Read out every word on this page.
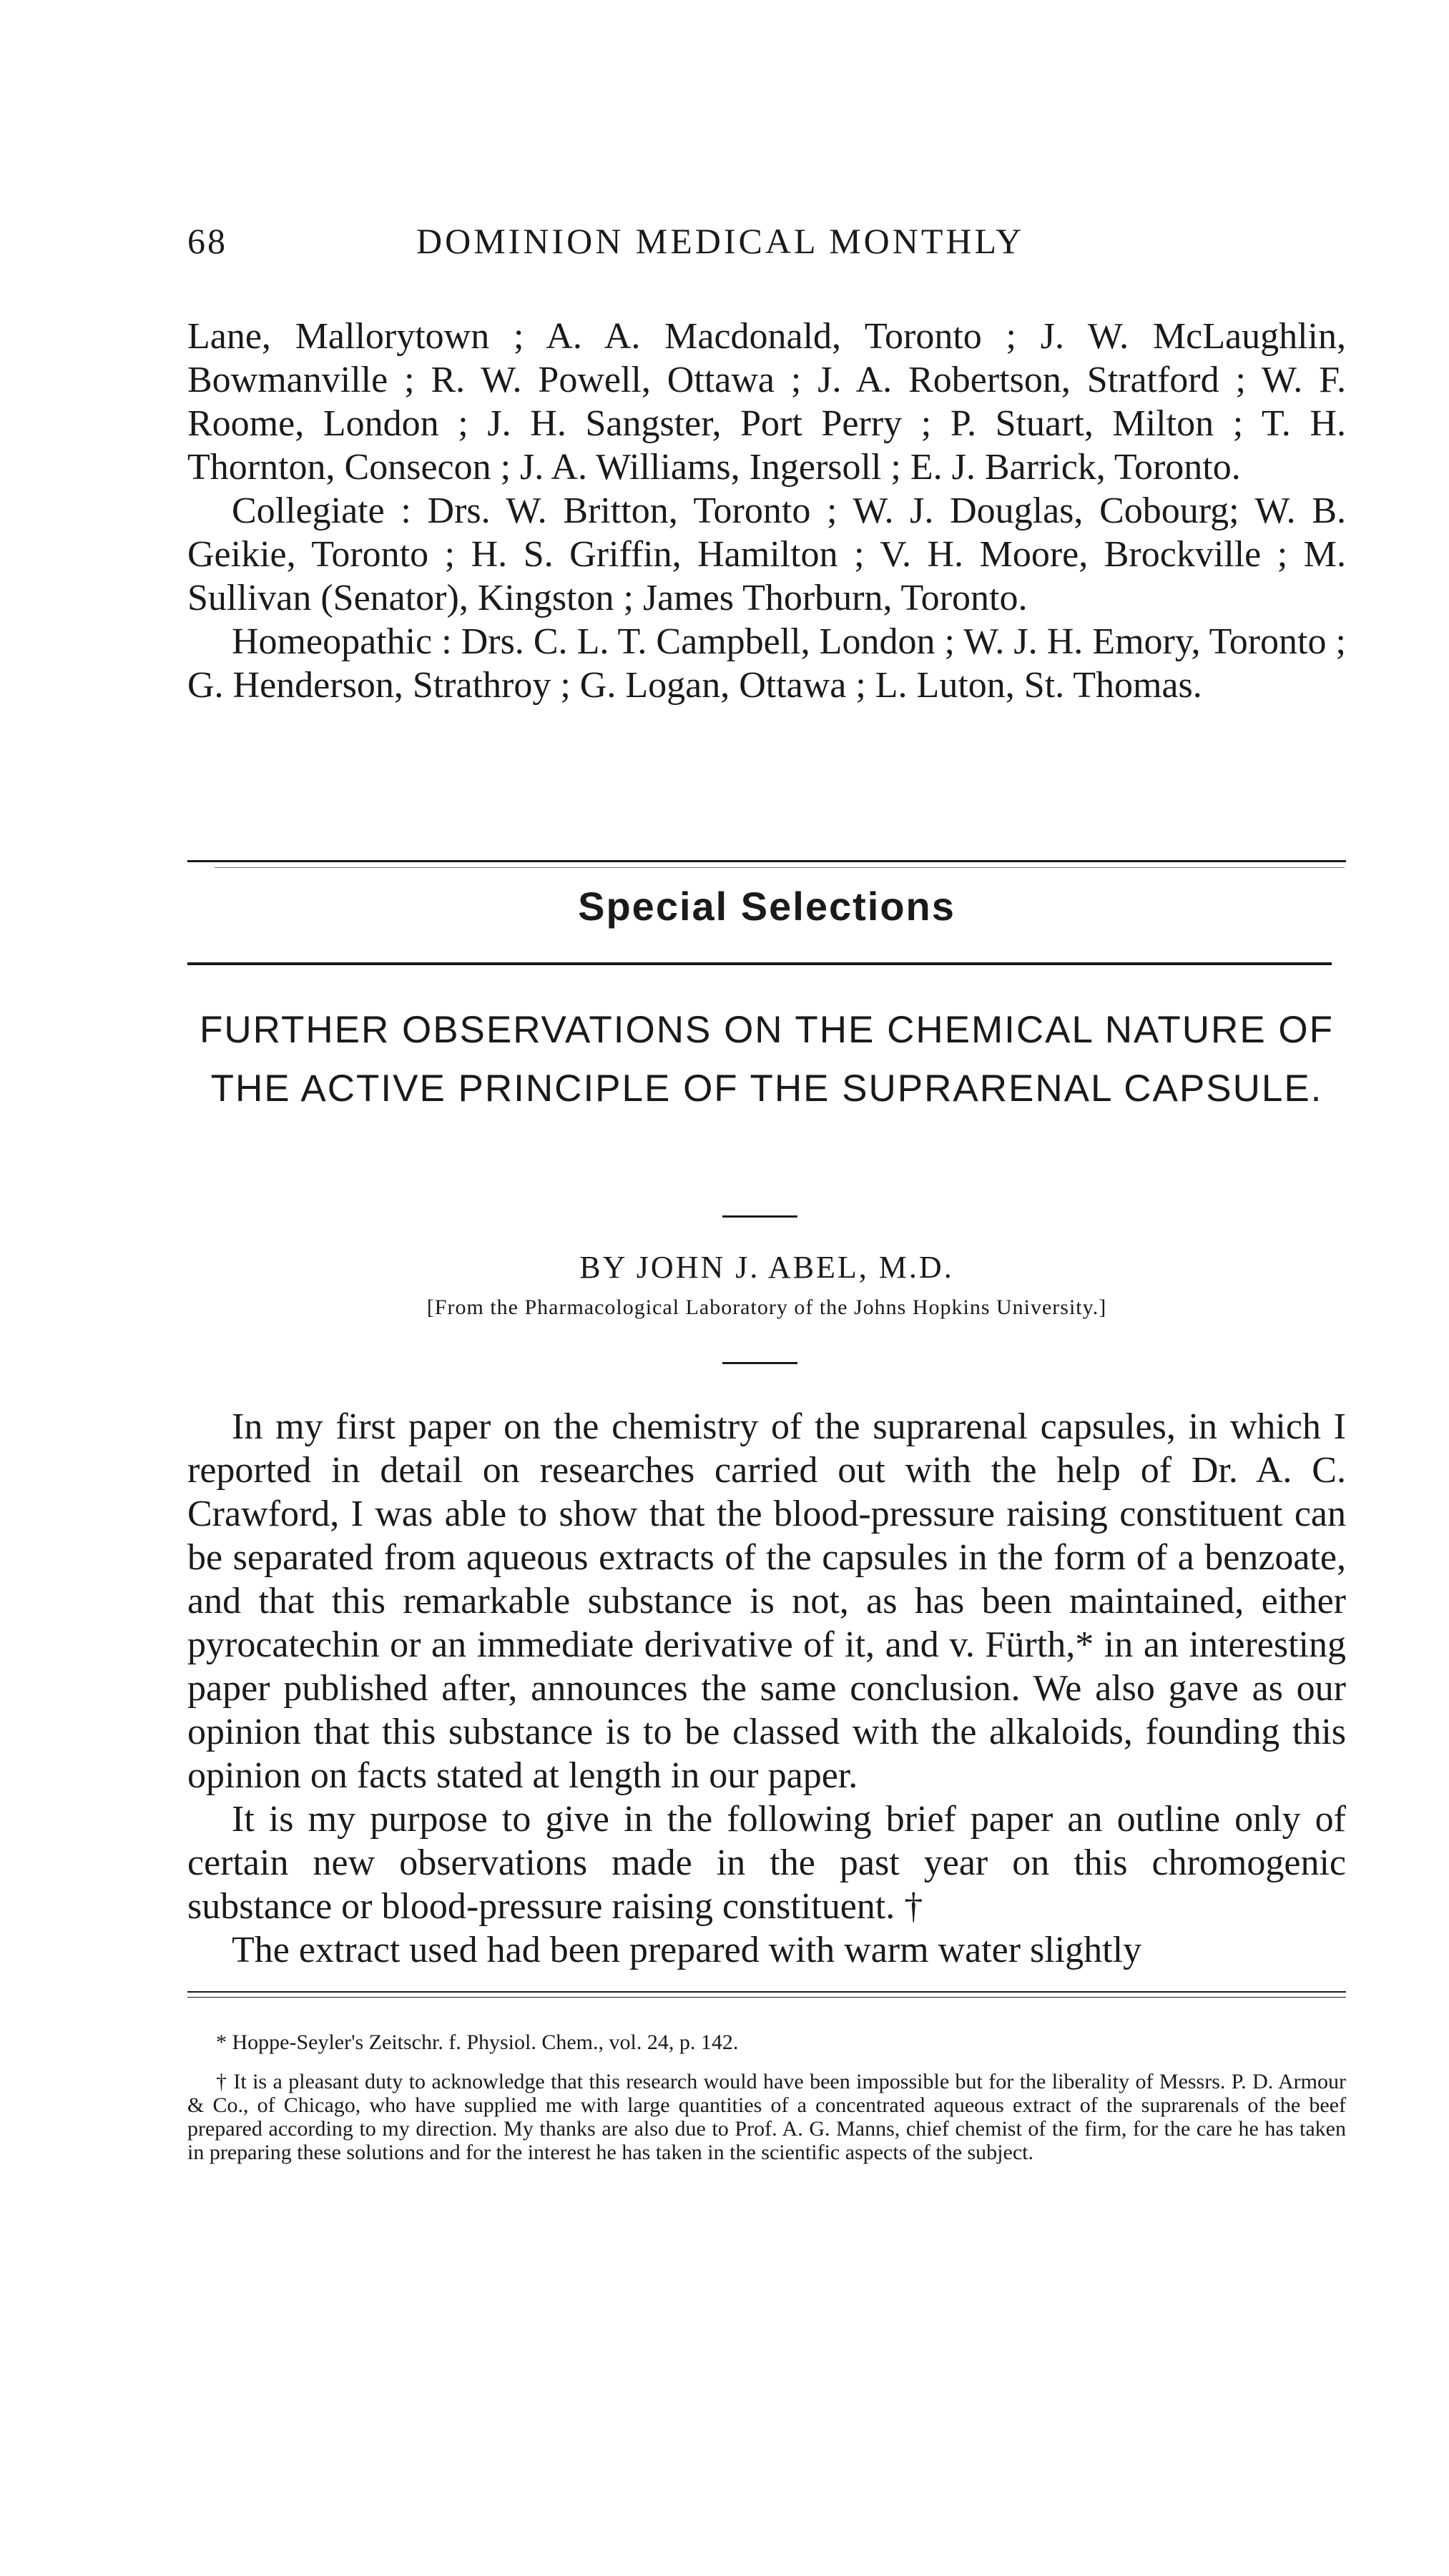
68	DOMINION MEDICAL MONTHLY

Lane, Mallorytown ; A. A. Macdonald, Toronto ; J. W. McLaughlin, Bowmanville ; R. W. Powell, Ottawa ; J. A. Robertson, Stratford ; W. F. Roome, London ; J. H. Sangster, Port Perry ; P. Stuart, Milton ; T. H. Thornton, Consecon ; J. A. Williams, Ingersoll ; E. J. Barrick, Toronto.

Collegiate : Drs. W. Britton, Toronto ; W. J. Douglas, Cobourg; W. B. Geikie, Toronto ; H. S. Griffin, Hamilton ; V. H. Moore, Brockville ; M. Sullivan (Senator), Kingston ; James Thorburn, Toronto.

Homeopathic : Drs. C. L. T. Campbell, London ; W. J. H. Emory, Toronto ; G. Henderson, Strathroy ; G. Logan, Ottawa ; L. Luton, St. Thomas.

Special Selections
FURTHER OBSERVATIONS ON THE CHEMICAL NATURE OF THE ACTIVE PRINCIPLE OF THE SUPRARENAL CAPSULE.
BY JOHN J. ABEL, M.D.
[From the Pharmacological Laboratory of the Johns Hopkins University.]

In my first paper on the chemistry of the suprarenal capsules, in which I reported in detail on researches carried out with the help of Dr. A. C. Crawford, I was able to show that the blood-pressure raising constituent can be separated from aqueous extracts of the capsules in the form of a benzoate, and that this remarkable substance is not, as has been maintained, either pyrocatechin or an immediate derivative of it, and v. Fürth,* in an interesting paper published after, announces the same conclusion. We also gave as our opinion that this substance is to be classed with the alkaloids, founding this opinion on facts stated at length in our paper.

It is my purpose to give in the following brief paper an outline only of certain new observations made in the past year on this chromogenic substance or blood-pressure raising constituent. †

The extract used had been prepared with warm water slightly

* Hoppe-Seyler's Zeitschr. f. Physiol. Chem., vol. 24, p. 142.

† It is a pleasant duty to acknowledge that this research would have been impossible but for the liberality of Messrs. P. D. Armour & Co., of Chicago, who have supplied me with large quantities of a concentrated aqueous extract of the suprarenals of the beef prepared according to my direction. My thanks are also due to Prof. A. G. Manns, chief chemist of the firm, for the care he has taken in preparing these solutions and for the interest he has taken in the scientific aspects of the subject.
